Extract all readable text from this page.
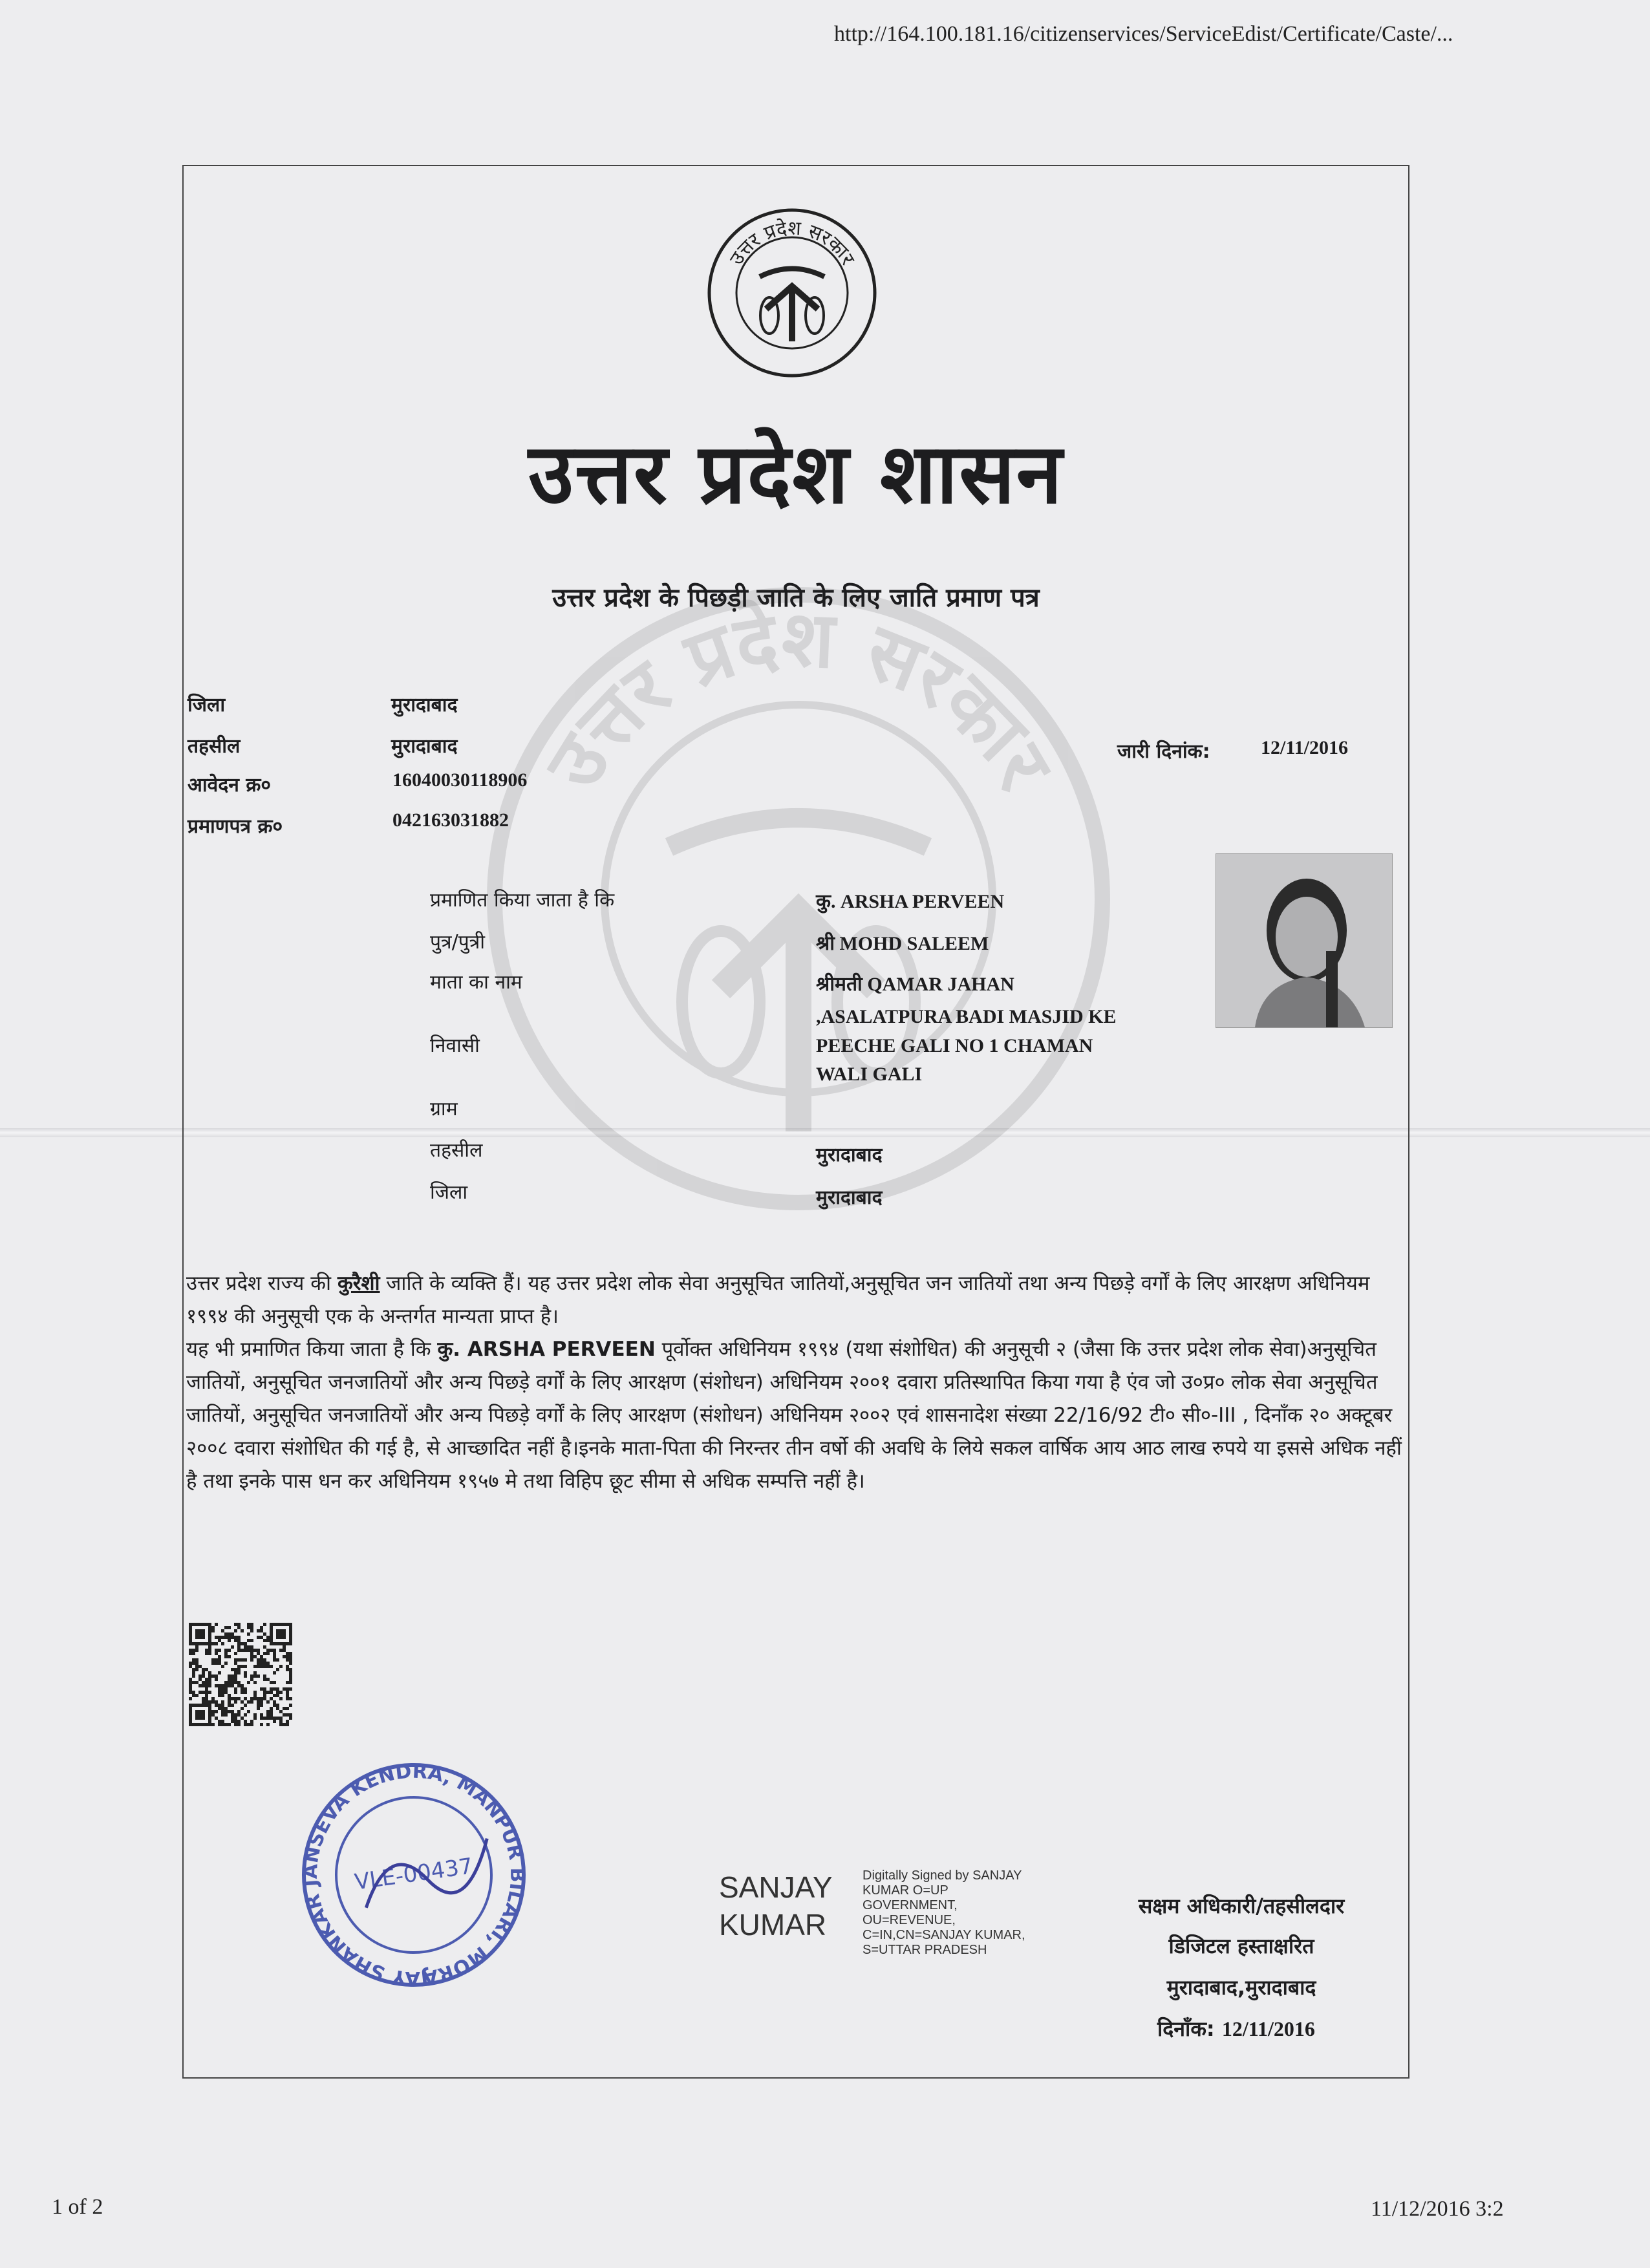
http://164.100.181.16/citizenservices/ServiceEdist/Certificate/Caste/...
उत्तर प्रदेश सरकार
उत्तर प्रदेश सरकार
उत्तर प्रदेश शासन
उत्तर प्रदेश के पिछड़ी जाति के लिए जाति प्रमाण पत्र
जिला	मुरादाबाद
तहसील	मुरादाबाद
आवेदन क्र०	16040030118906
प्रमाणपत्र क्र०	042163031882
जारी दिनांक:	12/11/2016
प्रमाणित किया जाता है कि	कु. ARSHA PERVEEN
पुत्र/पुत्री	श्री MOHD SALEEM
माता का नाम	श्रीमती QAMAR JAHAN
निवासी
,ASALATPURA BADI MASJID KE
PEECHE GALI NO 1 CHAMAN
WALI GALI
ग्राम
तहसील	मुरादाबाद
जिला	मुरादाबाद
उत्तर प्रदेश राज्य की कुरैशी जाति के व्यक्ति हैं। यह उत्तर प्रदेश लोक सेवा अनुसूचित जातियों,अनुसूचित जन जातियों तथा अन्य पिछड़े वर्गों के लिए आरक्षण अधिनियम १९९४ की अनुसूची एक के अन्तर्गत मान्यता प्राप्त है।
यह भी प्रमाणित किया जाता है कि कु. ARSHA PERVEEN पूर्वोक्त अधिनियम १९९४ (यथा संशोधित) की अनुसूची २ (जैसा कि उत्तर प्रदेश लोक सेवा)अनुसूचित जातियों, अनुसूचित जनजातियों और अन्य पिछड़े वर्गों के लिए आरक्षण (संशोधन) अधिनियम २००१ दवारा प्रतिस्थापित किया गया है एंव जो उ०प्र० लोक सेवा अनुसूचित जातियों, अनुसूचित जनजातियों और अन्य पिछड़े वर्गों के लिए आरक्षण (संशोधन) अधिनियम २००२ एवं शासनादेश संख्या 22/16/92 टी० सी०-III , दिनाँक २० अक्टूबर २००८ दवारा संशोधित की गई है, से आच्छादित नहीं है।इनके माता-पिता की निरन्तर तीन वर्षो की अवधि के लिये सकल वार्षिक आय आठ लाख रुपये या इससे अधिक नहीं है तथा इनके पास धन कर अधिनियम १९५७ मे तथा विहिप छूट सीमा से अधिक सम्पत्ति नहीं है।
JAY SHANKAR JANSEVA KENDRA, MANPUR BILARI, MORADABAD
VLE-00437	SANJAY
KUMAR
Digitally Signed by SANJAY
KUMAR O=UP
GOVERNMENT,
OU=REVENUE,
C=IN,CN=SANJAY KUMAR,
S=UTTAR PRADESH
सक्षम अधिकारी/तहसीलदार
डिजिटल हस्ताक्षरित
मुरादाबाद,मुरादाबाद
दिनाँक: 12/11/2016
1 of 2	11/12/2016 3:2
